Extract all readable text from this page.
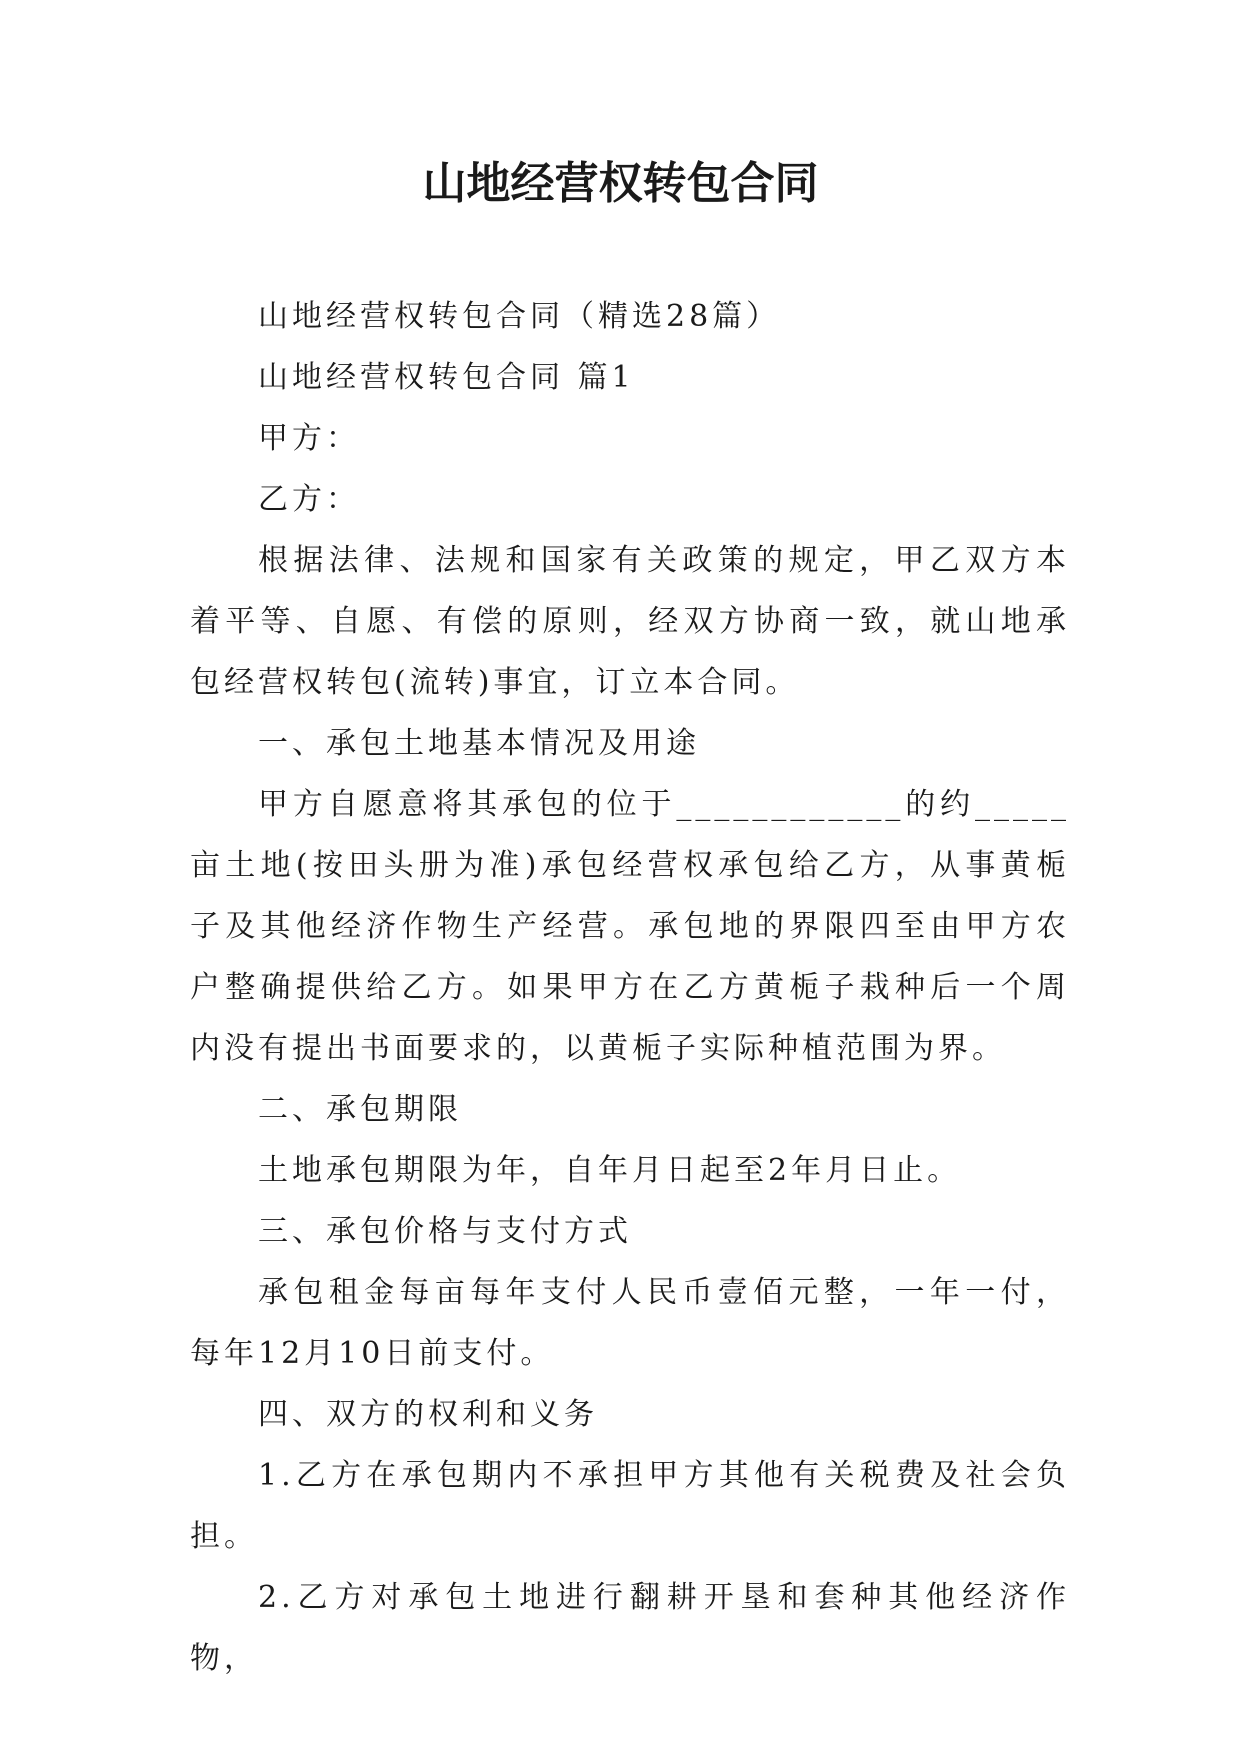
山地经营权转包合同

山地经营权转包合同（精选28篇）

山地经营权转包合同 篇1

甲方：

乙方：

根据法律、法规和国家有关政策的规定，甲乙双方本着平等、自愿、有偿的原则，经双方协商一致，就山地承包经营权转包(流转)事宜，订立本合同。

一、承包土地基本情况及用途

甲方自愿意将其承包的位于____________的约_____亩土地(按田头册为准)承包经营权承包给乙方，从事黄栀子及其他经济作物生产经营。承包地的界限四至由甲方农户整确提供给乙方。如果甲方在乙方黄栀子栽种后一个周内没有提出书面要求的，以黄栀子实际种植范围为界。

二、承包期限

土地承包期限为年，自年月日起至2年月日止。

三、承包价格与支付方式

承包租金每亩每年支付人民币壹佰元整，一年一付，每年12月10日前支付。

四、双方的权利和义务

1.乙方在承包期内不承担甲方其他有关税费及社会负担。

2.乙方对承包土地进行翻耕开垦和套种其他经济作物，
